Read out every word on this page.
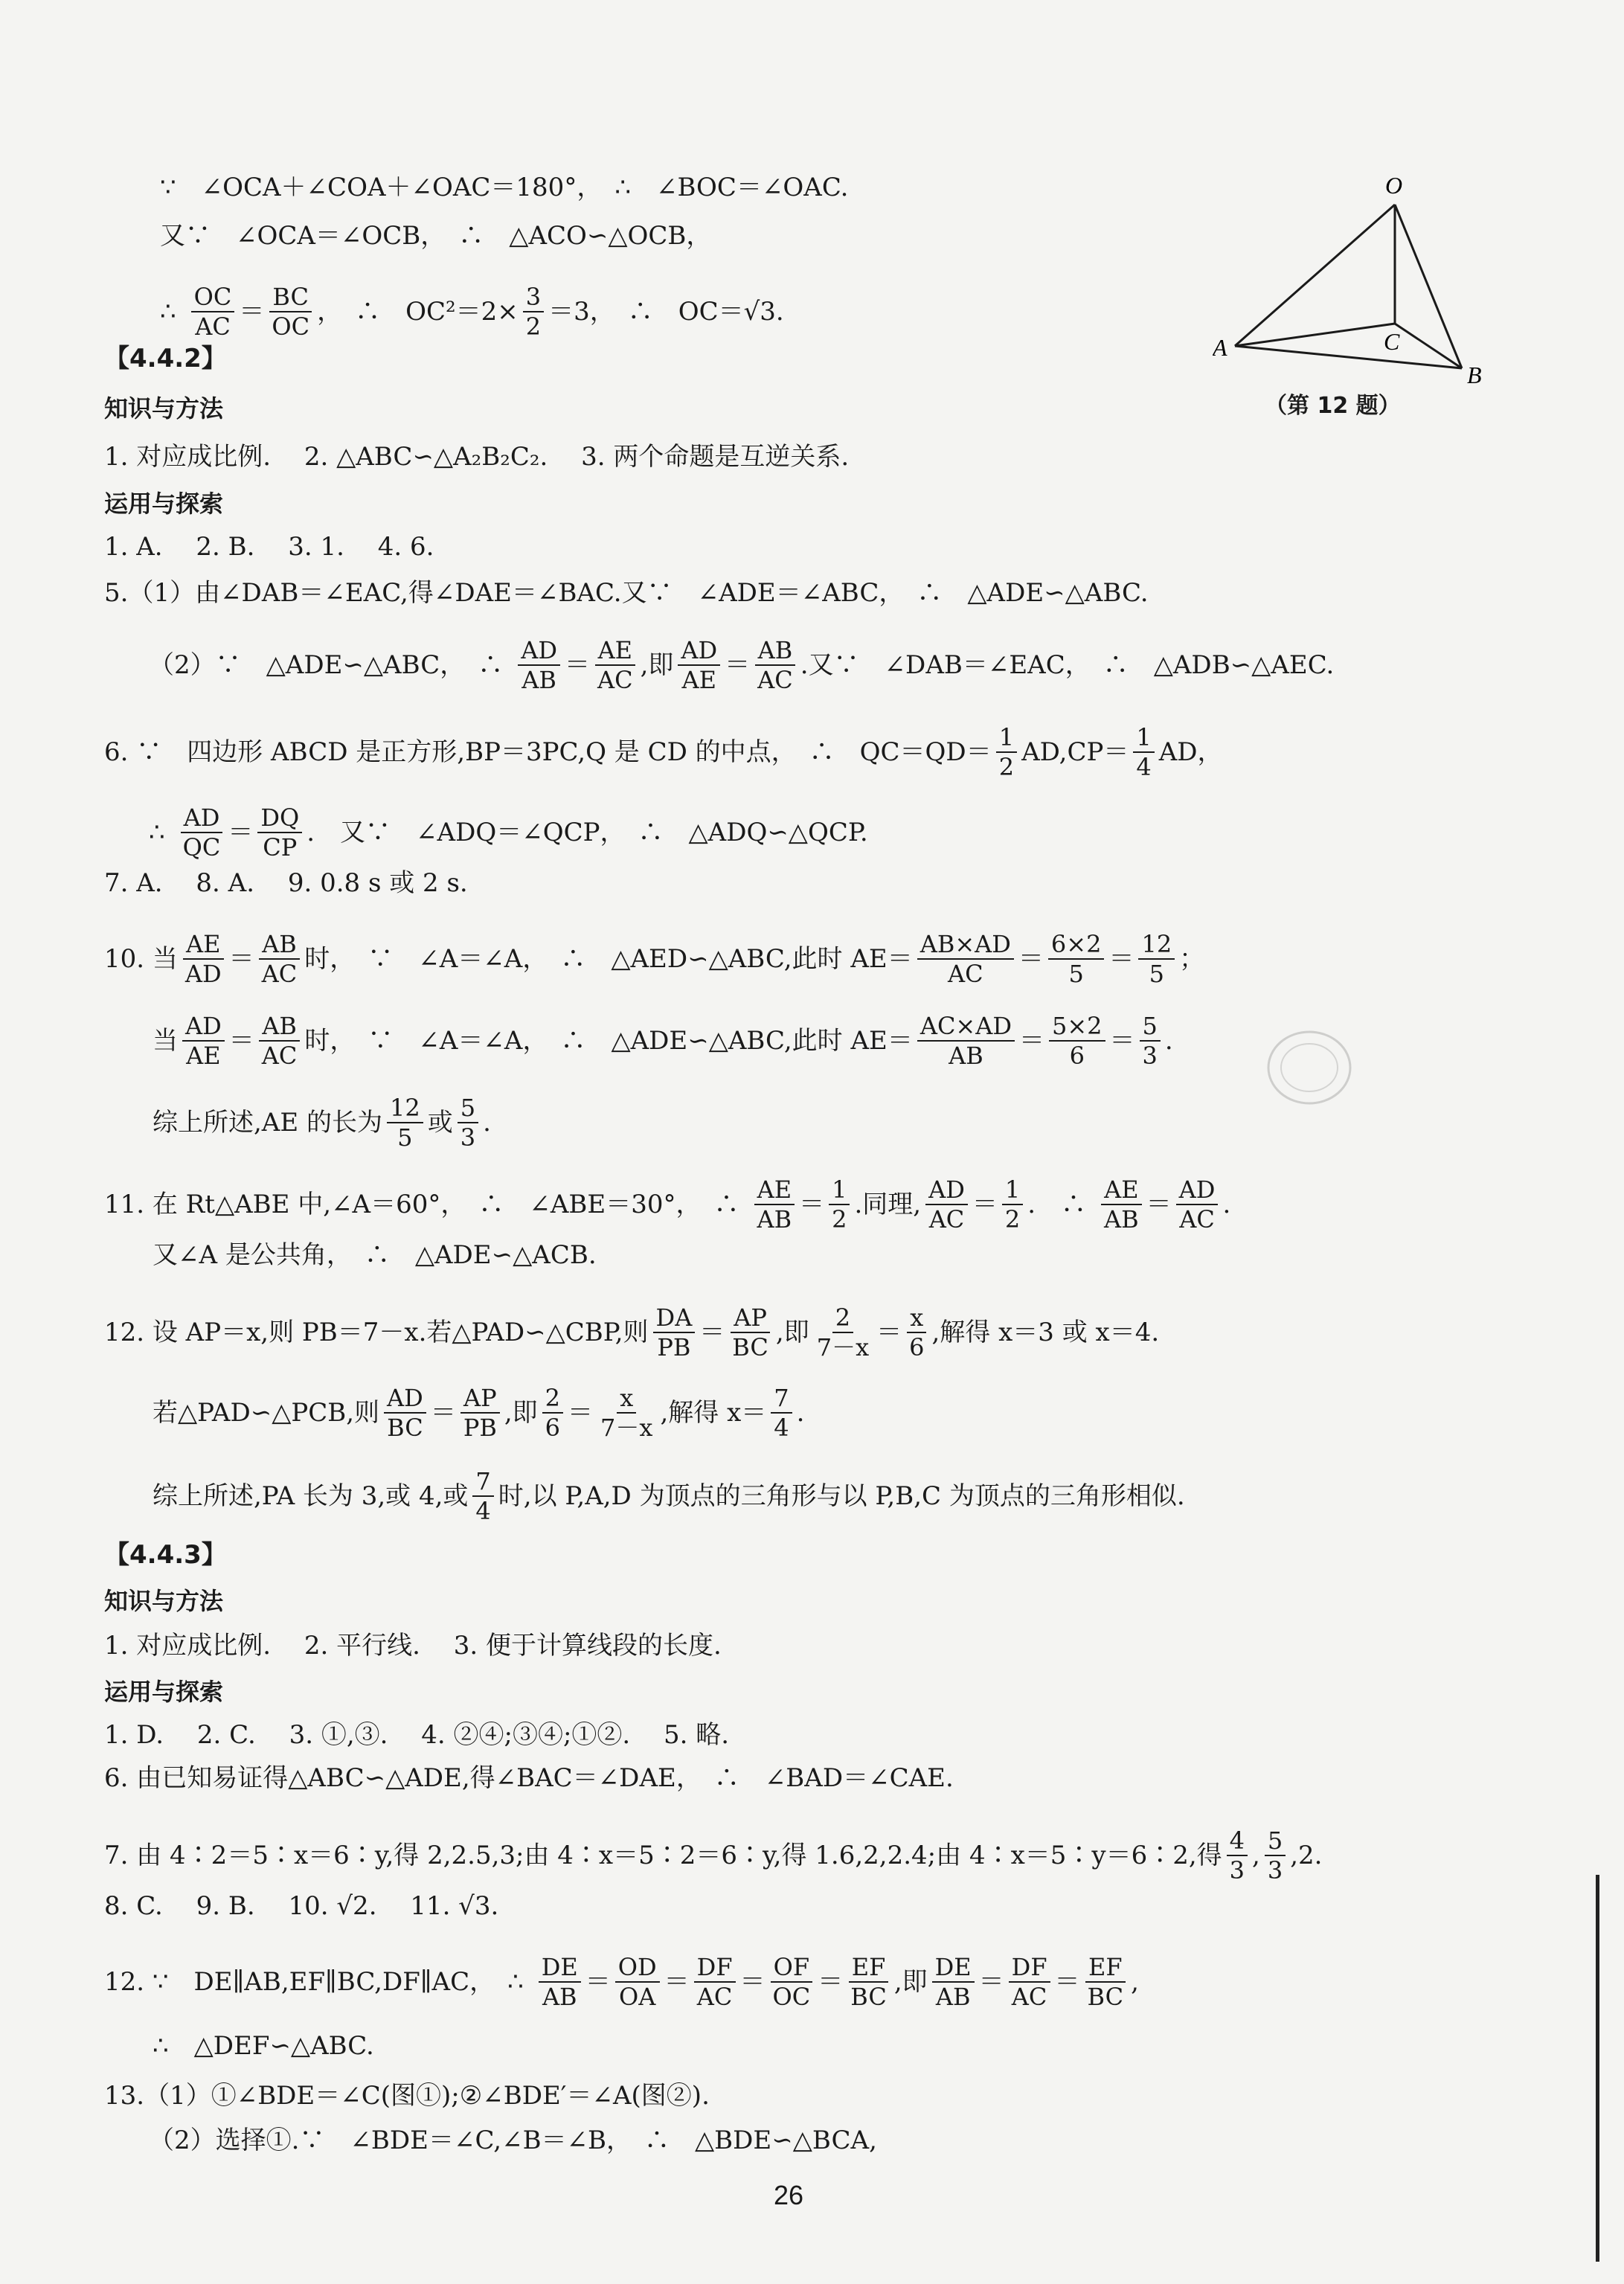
∵　∠OCA＋∠COA＋∠OAC＝180°，　∴　∠BOC＝∠OAC.
又∵　∠OCA＝∠OCB，　∴　△ACO∽△OCB，
∴ $\frac{OC}{AC} = \frac{BC}{OC}$ ，　∴　$OC^2=2\times \frac{3}{2} =3$，　∴　OC＝√3.
O
C
A
B
（第 12 题）
【4.4.2】
知识与方法
1. 对应成比例.　 2. △ABC∽△A₂B₂C₂.　 3. 两个命题是互逆关系.
运用与探索
1. A.　 2. B.　 3. 1.　 4. 6.
5.（1）由∠DAB＝∠EAC,得∠DAE＝∠BAC.又∵　∠ADE＝∠ABC，　∴　△ADE∽△ABC.
（2）∵　△ADE∽△ABC，　∴ $\frac{AD}{AB} = \frac{AE}{AC}$ ,即 $\frac{AD}{AE} = \frac{AB}{AC}$ .又∵　∠DAB＝∠EAC，　∴　△ADB∽△AEC.
6. ∵　四边形 ABCD 是正方形,BP＝3PC,Q 是 CD 的中点，　∴　$QC=QD= \frac{1}{2} AD,CP= \frac{1}{4}$ AD，
∴ $\frac{AD}{QC} = \frac{DQ}{CP}$ .　又∵　∠ADQ＝∠QCP，　∴　△ADQ∽△QCP.
7. A.　 8. A.　 9. 0.8 s 或 2 s.
10. 当 $\frac{AE}{AD} = \frac{AB}{AC}$ 时，　∵　∠A＝∠A，　∴　△AED∽△ABC,此时 $AE= \frac{AB\times AD}{AC} = \frac{6\times 2}{5} = \frac{12}{5}$ ；
当 $\frac{AD}{AE} = \frac{AB}{AC}$ 时，　∵　∠A＝∠A，　∴　△ADE∽△ABC,此时 $AE= \frac{AC\times AD}{AB} = \frac{5\times 2}{6} = \frac{5}{3}$ .
综上所述,AE 的长为 $\frac{12}{5}$ 或 $\frac{5}{3}$ .
11. 在 Rt△ABE 中,∠A＝60°，　∴　∠ABE＝30°，　∴ $\frac{AE}{AB} = \frac{1}{2}$ .同理, $\frac{AD}{AC} = \frac{1}{2}$ .　∴ $\frac{AE}{AB} = \frac{AD}{AC}$ .
又∠A 是公共角，　∴　△ADE∽△ACB.
12. 设 AP＝x,则 PB＝7－x.若△PAD∽△CBP,则 $\frac{DA}{PB} = \frac{AP}{BC}$ ,即 $\frac{2}{7-x} = \frac{x}{6}$ ,解得 x＝3 或 x＝4.
若△PAD∽△PCB,则 $\frac{AD}{BC} = \frac{AP}{PB}$ ,即 $\frac{2}{6} = \frac{x}{7-x}$ ,解得 $x= \frac{7}{4}$ .
综上所述,PA 长为 3,或 4,或 $\frac{7}{4}$ 时,以 P,A,D 为顶点的三角形与以 P,B,C 为顶点的三角形相似.
【4.4.3】
知识与方法
1. 对应成比例.　 2. 平行线.　 3. 便于计算线段的长度.
运用与探索
1. D.　 2. C.　 3. ①,③.　 4. ②④;③④;①②.　 5. 略.
6. 由已知易证得△ABC∽△ADE,得∠BAC＝∠DAE，　∴　∠BAD＝∠CAE.
7. 由 4∶2＝5∶x＝6∶y,得 2,2.5,3;由 4∶x＝5∶2＝6∶y,得 1.6,2,2.4;由 4∶x＝5∶y＝6∶2,得 $\frac{4}{3}$ , $\frac{5}{3} ,2$.
8. C.　 9. B.　 10. √2.　 11. √3.
12. ∵　DE∥AB,EF∥BC,DF∥AC，　∴ $\frac{DE}{AB} = \frac{OD}{OA} = \frac{DF}{AC} = \frac{OF}{OC} = \frac{EF}{BC}$ ,即 $\frac{DE}{AB} = \frac{DF}{AC} = \frac{EF}{BC}$ ,
∴　△DEF∽△ABC.
13.（1）①∠BDE＝∠C(图①);②∠BDE′＝∠A(图②).
（2）选择①.∵　∠BDE＝∠C,∠B＝∠B，　∴　△BDE∽△BCA,
26
